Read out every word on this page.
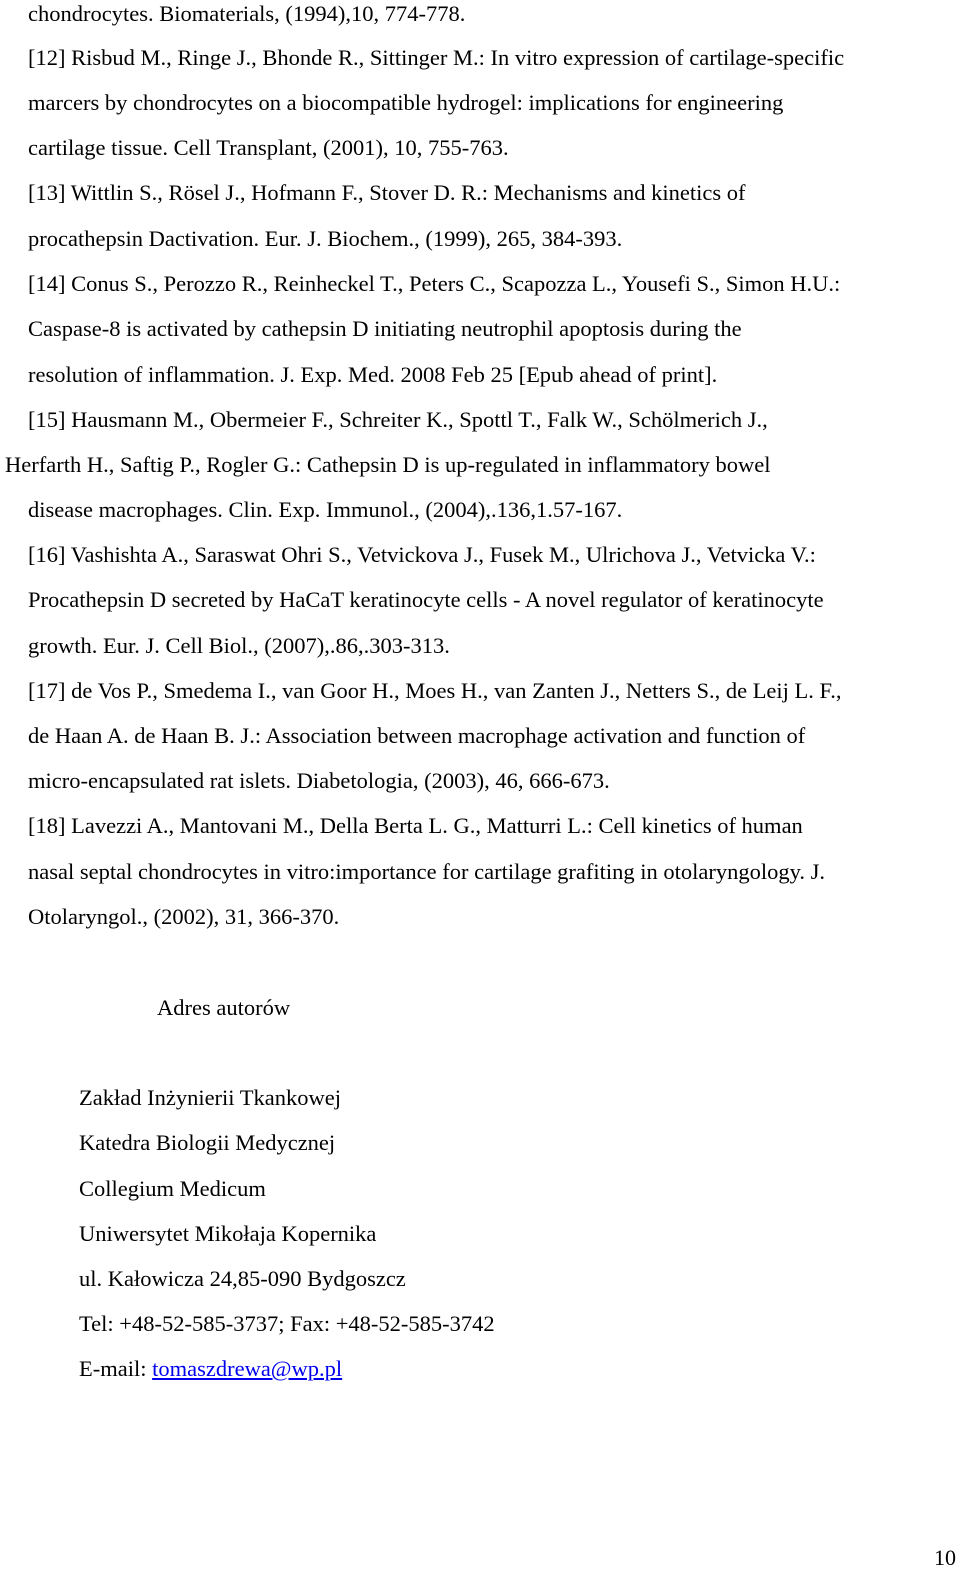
chondrocytes. Biomaterials, (1994),10, 774-778.
[12] Risbud M., Ringe J., Bhonde R., Sittinger M.: In vitro expression of cartilage-specific
marcers by chondrocytes on a biocompatible hydrogel: implications for engineering
cartilage tissue. Cell Transplant, (2001), 10, 755-763.
[13] Wittlin S., Rösel J., Hofmann F., Stover D. R.: Mechanisms and kinetics of
procathepsin Dactivation. Eur. J. Biochem., (1999), 265, 384-393.
[14] Conus S., Perozzo R., Reinheckel T., Peters C., Scapozza L., Yousefi S., Simon H.U.:
Caspase-8 is activated by cathepsin D initiating neutrophil apoptosis during the
resolution of inflammation. J. Exp. Med. 2008 Feb 25 [Epub ahead of print].
[15] Hausmann M., Obermeier F., Schreiter K., Spottl T., Falk W., Schölmerich J.,
Herfarth H., Saftig P., Rogler G.: Cathepsin D is up-regulated in inflammatory bowel
disease macrophages. Clin. Exp. Immunol., (2004),.136,1.57-167.
[16] Vashishta A., Saraswat Ohri S., Vetvickova J., Fusek M., Ulrichova J., Vetvicka V.:
Procathepsin D secreted by HaCaT keratinocyte cells - A novel regulator of keratinocyte
growth. Eur. J. Cell Biol., (2007),.86,.303-313.
[17] de Vos P., Smedema I., van Goor H., Moes H., van Zanten J., Netters S., de Leij L. F.,
de Haan A. de Haan B. J.: Association between macrophage activation and function of
micro-encapsulated rat islets. Diabetologia, (2003), 46, 666-673.
[18] Lavezzi A., Mantovani M., Della Berta L. G., Matturri L.: Cell kinetics of human
nasal septal chondrocytes in vitro:importance for cartilage grafiting in otolaryngology. J.
Otolaryngol., (2002), 31, 366-370.
Adres autorów
Zakład Inżynierii Tkankowej
Katedra Biologii Medycznej
Collegium Medicum
Uniwersytet Mikołaja Kopernika
ul. Kałowicza 24,85-090 Bydgoszcz
Tel: +48-52-585-3737; Fax: +48-52-585-3742
E-mail: tomaszdrewa@wp.pl
10
